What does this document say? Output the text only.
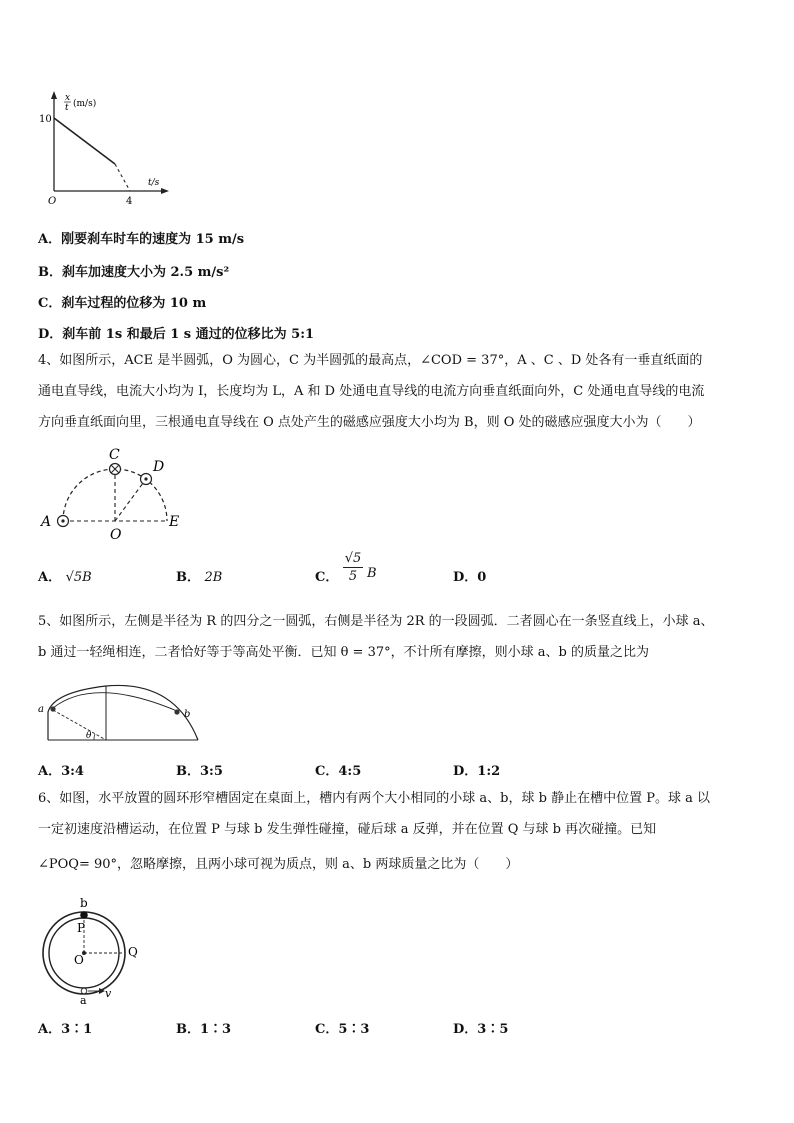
x
t (m/s)
10
t/s
4
O
A．刚要刹车时车的速度为 15 m/s
B．刹车加速度大小为 2.5 m/s²
C．刹车过程的位移为 10 m
D．刹车前 1s 和最后 1 s 通过的位移比为 5:1
4、如图所示，ACE 是半圆弧，O 为圆心，C 为半圆弧的最高点，∠COD = 37°，A 、C 、D 处各有一垂直纸面的
通电直导线，电流大小均为 I，长度均为 L，A 和 D 处通电直导线的电流方向垂直纸面向外，C 处通电直导线的电流
方向垂直纸面向里，三根通电直导线在 O 点处产生的磁感应强度大小均为 B，则 O 处的磁感应强度大小为（　　）
A
C
D
E
O
A． √5B	B． 2B	C． $\frac{√5}{5}$ B	D．0
5、如图所示，左侧是半径为 R 的四分之一圆弧，右侧是半径为 2R 的一段圆弧．二者圆心在一条竖直线上，小球 a、
b 通过一轻绳相连，二者恰好等于等高处平衡．已知 θ = 37°，不计所有摩擦，则小球 a、b 的质量之比为
a	b
θ
A．3:4	B．3:5	C．4:5	D．1:2
6、如图，水平放置的圆环形窄槽固定在桌面上，槽内有两个大小相同的小球 a、b，球 b 静止在槽中位置 P。球 a 以
一定初速度沿槽运动，在位置 P 与球 b 发生弹性碰撞，碰后球 a 反弹，并在位置 Q 与球 b 再次碰撞。已知
∠POQ= 90°，忽略摩擦，且两小球可视为质点，则 a、b 两球质量之比为（　　）
b
P
O
Q
a
v
A．3∶1	B．1∶3	C．5∶3	D．3∶5
